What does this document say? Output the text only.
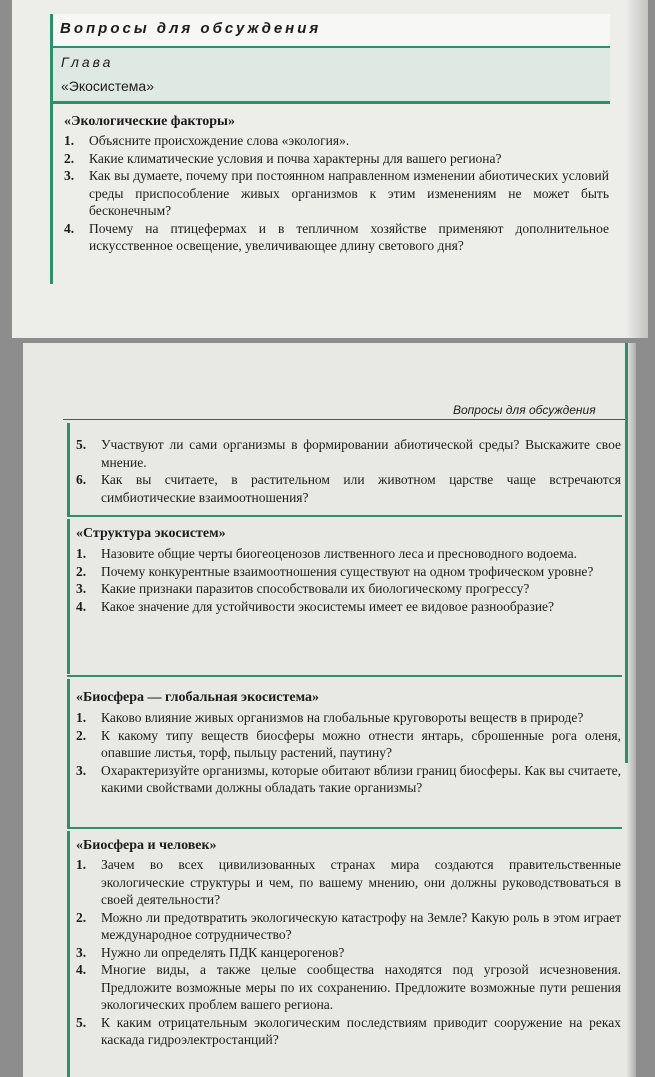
Вопросы для обсуждения
Глава
«Экосистема»
«Экологические факторы»
1. Объясните происхождение слова «экология».
2. Какие климатические условия и почва характерны для вашего региона?
3. Как вы думаете, почему при постоянном направленном изменении абиотических условий среды приспособление живых организмов к этим изменениям не может быть бесконечным?
4. Почему на птицефермах и в тепличном хозяйстве применяют дополнительное искусственное освещение, увеличивающее длину светового дня?
Вопросы для обсуждения
5. Участвуют ли сами организмы в формировании абиотической среды? Выскажите свое мнение.
6. Как вы считаете, в растительном или животном царстве чаще встречаются симбиотические взаимоотношения?
«Структура экосистем»
1. Назовите общие черты биогеоценозов лиственного леса и пресноводного водоема.
2. Почему конкурентные взаимоотношения существуют на одном трофическом уровне?
3. Какие признаки паразитов способствовали их биологическому прогрессу?
4. Какое значение для устойчивости экосистемы имеет ее видовое разнообразие?
«Биосфера — глобальная экосистема»
1. Каково влияние живых организмов на глобальные круговороты веществ в природе?
2. К какому типу веществ биосферы можно отнести янтарь, сброшенные рога оленя, опавшие листья, торф, пыльцу растений, паутину?
3. Охарактеризуйте организмы, которые обитают вблизи границ биосферы. Как вы считаете, какими свойствами должны обладать такие организмы?
«Биосфера и человек»
1. Зачем во всех цивилизованных странах мира создаются правительственные экологические структуры и чем, по вашему мнению, они должны руководствоваться в своей деятельности?
2. Можно ли предотвратить экологическую катастрофу на Земле? Какую роль в этом играет международное сотрудничество?
3. Нужно ли определять ПДК канцерогенов?
4. Многие виды, а также целые сообщества находятся под угрозой исчезновения. Предложите возможные меры по их сохранению. Предложите возможные пути решения экологических проблем вашего региона.
5. К каким отрицательным экологическим последствиям приводит сооружение на реках каскада гидроэлектростанций?
